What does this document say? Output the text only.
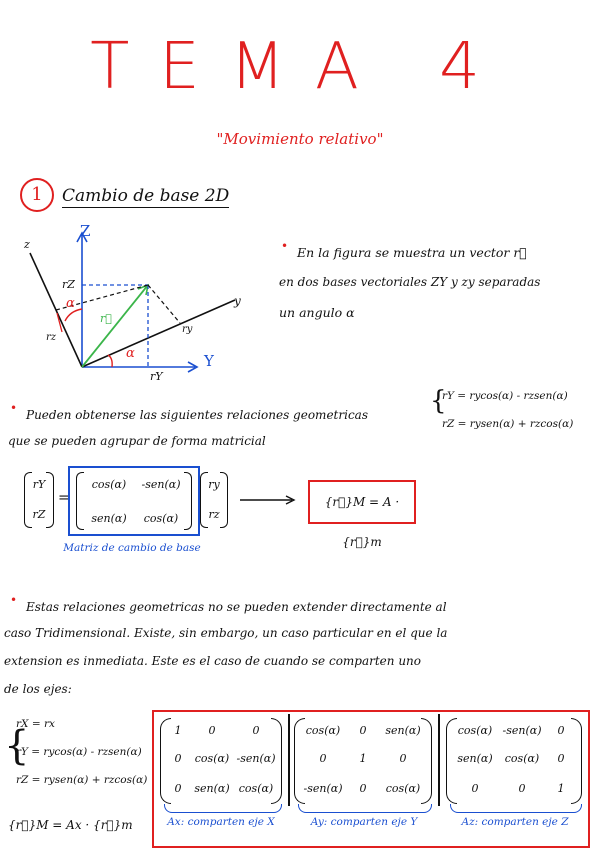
TEMA 4
"Movimiento relativo"
1	Cambio de base 2D
Z
Y
z
y
rZ
rY
rz
ry
r⃗
α
α
• En la figura se muestra un vector r⃗
en dos bases vectoriales ZY y zy separadas
un angulo α
• Pueden obtenerse las siguientes relaciones geometricas
que se pueden agrupar de forma matricial
{
rY = rycos(α) - rzsen(α)
rZ = rysen(α) + rzcos(α)
rY
rZ
=
cos(α)	-sen(α)
sen(α)	cos(α)
ry
rz
Matriz de cambio de base
{r⃗}M = A · {r⃗}m
• Estas relaciones geometricas no se pueden extender directamente al
caso Tridimensional. Existe, sin embargo, un caso particular en el que la
extension es inmediata. Este es el caso de cuando se comparten uno
de los ejes:
{
rX = rx
rY = rycos(α) - rzsen(α)
rZ = rysen(α) + rzcos(α)
{r⃗}M = Ax · {r⃗}m
1	0	0
0	cos(α) -sen(α)
0	sen(α) cos(α)
Ax: comparten eje X
cos(α)	0	sen(α)
0	1	0
-sen(α)	0	cos(α)
Ay: comparten eje Y
cos(α) -sen(α)	0
sen(α)	cos(α)	0
0	0	1
Az: comparten eje Z
